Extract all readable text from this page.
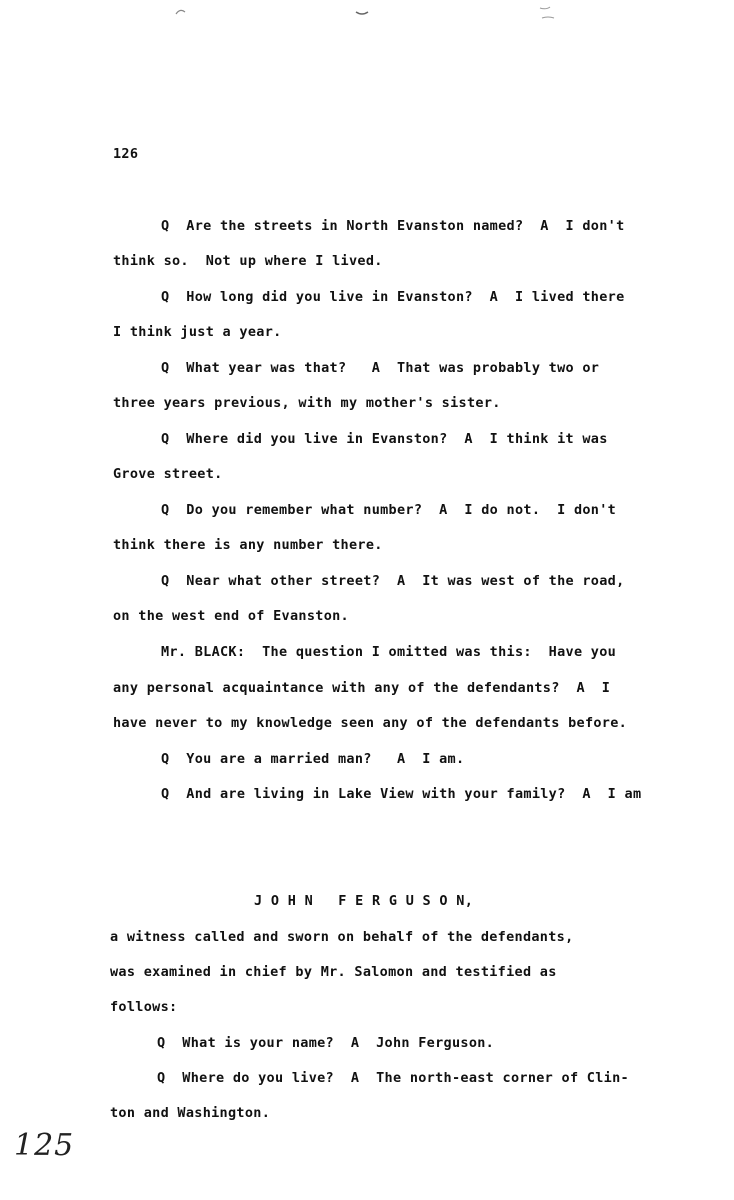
126
Q  Are the streets in North Evanston named?  A  I don't
think so.  Not up where I lived.
Q  How long did you live in Evanston?  A  I lived there
I think just a year.
Q  What year was that?   A  That was probably two or
three years previous, with my mother's sister.
Q  Where did you live in Evanston?  A  I think it was
Grove street.
Q  Do you remember what number?  A  I do not.  I don't
think there is any number there.
Q  Near what other street?  A  It was west of the road,
on the west end of Evanston.
Mr. BLACK:  The question I omitted was this:  Have you
any personal acquaintance with any of the defendants?  A  I
have never to my knowledge seen any of the defendants before.
Q  You are a married man?   A  I am.
Q  And are living in Lake View with your family?  A  I am
J O H N   F E R G U S O N,
a witness called and sworn on behalf of the defendants,
was examined in chief by Mr. Salomon and testified as
follows:
Q  What is your name?  A  John Ferguson.
Q  Where do you live?  A  The north-east corner of Clin-
ton and Washington.
125
